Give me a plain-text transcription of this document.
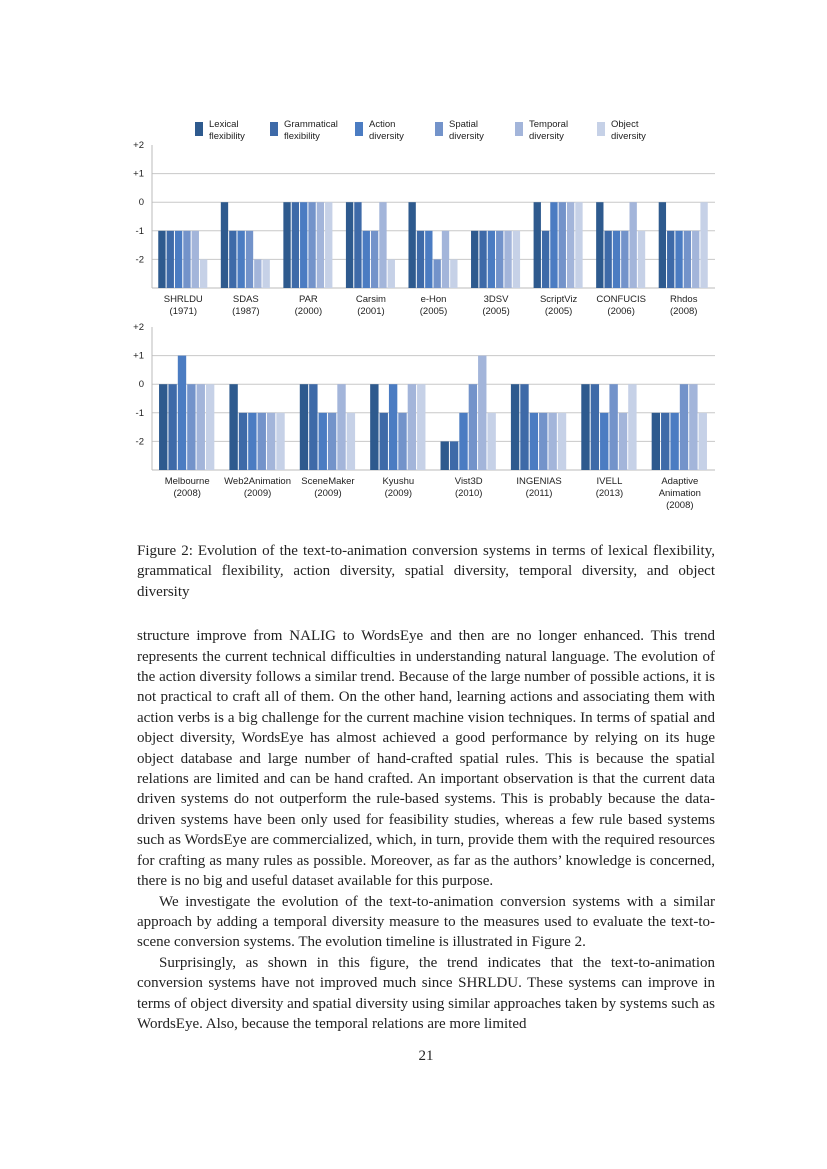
Lexical
flexibility
Grammatical
flexibility
Action
diversity
Spatial
diversity
Temporal
diversity
Object
diversity
+2
+1
0
-1
-2
SHRLDU
(1971)
SDAS
(1987)
PAR
(2000)
Carsim
(2001)
e-Hon
(2005)
3DSV
(2005)
ScriptViz
(2005)
CONFUCIS
(2006)
Rhdos
(2008)
+2
+1
0
-1
-2
Melbourne
(2008)
Web2Animation
(2009)
SceneMaker
(2009)
Kyushu
(2009)
Vist3D
(2010)
INGENIAS
(2011)
IVELL
(2013)
Adaptive
Animation
(2008)
Figure 2: Evolution of the text-to-animation conversion systems in terms of lexical flexibility, grammatical flexibility, action diversity, spatial diversity, temporal diversity, and object diversity

structure improve from NALIG to WordsEye and then are no longer enhanced. This trend represents the current technical difficulties in understanding natural language. The evolution of the action diversity follows a similar trend. Because of the large number of possible actions, it is not practical to craft all of them. On the other hand, learning actions and associating them with action verbs is a big challenge for the current machine vision techniques. In terms of spatial and object diversity, WordsEye has almost achieved a good performance by relying on its huge object database and large number of hand-crafted spatial rules. This is because the spatial relations are limited and can be hand crafted. An important observation is that the current data driven systems do not outperform the rule-based systems. This is probably because the data-driven systems have been only used for feasibility studies, whereas a few rule based systems such as WordsEye are commercialized, which, in turn, provide them with the required resources for crafting as many rules as possible. Moreover, as far as the authors’ knowledge is concerned, there is no big and useful dataset available for this purpose.

We investigate the evolution of the text-to-animation conversion systems with a similar approach by adding a temporal diversity measure to the measures used to evaluate the text-to-scene conversion systems. The evolution timeline is illustrated in Figure 2.

Surprisingly, as shown in this figure, the trend indicates that the text-to-animation conversion systems have not improved much since SHRLDU. These systems can improve in terms of object diversity and spatial diversity using similar approaches taken by systems such as WordsEye. Also, because the temporal relations are more limited

21
